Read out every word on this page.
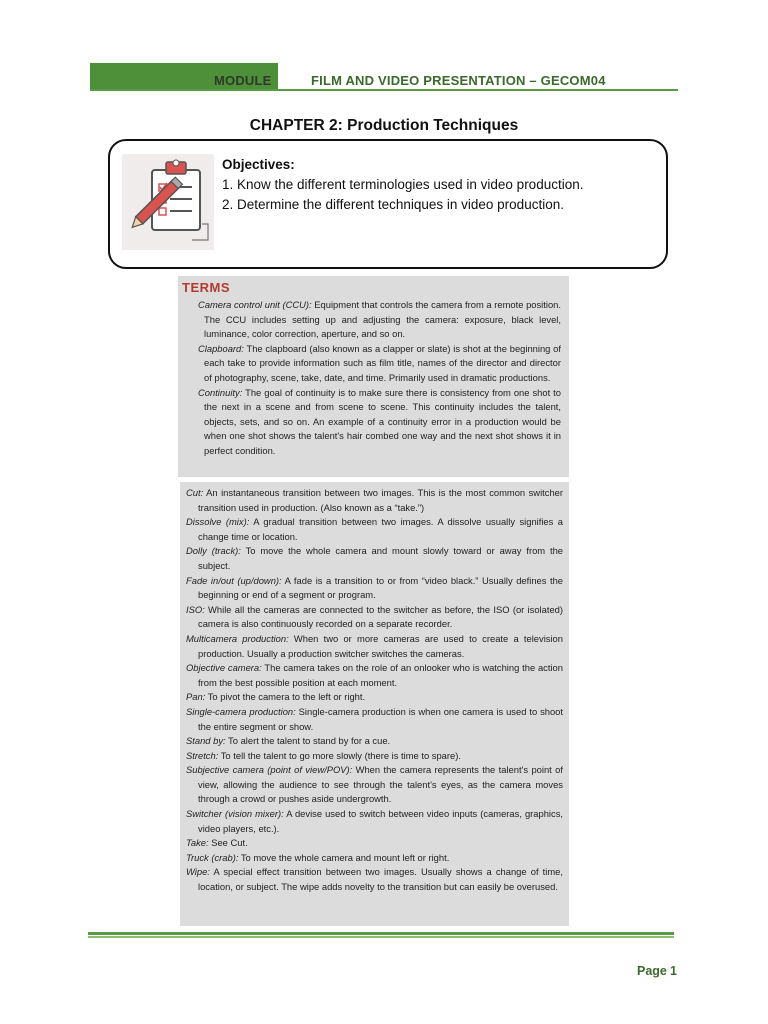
MODULE	FILM AND VIDEO PRESENTATION – GECOM04
CHAPTER 2: Production Techniques
Objectives:
1. Know the different terminologies used in video production.
2. Determine the different techniques in video production.
TERMS
Camera control unit (CCU): Equipment that controls the camera from a remote position. The CCU includes setting up and adjusting the camera: exposure, black level, luminance, color correction, aperture, and so on.
Clapboard: The clapboard (also known as a clapper or slate) is shot at the beginning of each take to provide information such as film title, names of the director and director of photography, scene, take, date, and time. Primarily used in dramatic productions.
Continuity: The goal of continuity is to make sure there is consistency from one shot to the next in a scene and from scene to scene. This continuity includes the talent, objects, sets, and so on. An example of a continuity error in a production would be when one shot shows the talent's hair combed one way and the next shot shows it in perfect condition.
Cut: An instantaneous transition between two images. This is the most common switcher transition used in production. (Also known as a “take.”)
Dissolve (mix): A gradual transition between two images. A dissolve usually signifies a change time or location.
Dolly (track): To move the whole camera and mount slowly toward or away from the subject.
Fade in/out (up/down): A fade is a transition to or from “video black.” Usually defines the beginning or end of a segment or program.
ISO: While all the cameras are connected to the switcher as before, the ISO (or isolated) camera is also continuously recorded on a separate recorder.
Multicamera production: When two or more cameras are used to create a television production. Usually a production switcher switches the cameras.
Objective camera: The camera takes on the role of an onlooker who is watching the action from the best possible position at each moment.
Pan: To pivot the camera to the left or right.
Single-camera production: Single-camera production is when one camera is used to shoot the entire segment or show.
Stand by: To alert the talent to stand by for a cue.
Stretch: To tell the talent to go more slowly (there is time to spare).
Subjective camera (point of view/POV): When the camera represents the talent's point of view, allowing the audience to see through the talent's eyes, as the camera moves through a crowd or pushes aside undergrowth.
Switcher (vision mixer): A devise used to switch between video inputs (cameras, graphics, video players, etc.).
Take: See Cut.
Truck (crab): To move the whole camera and mount left or right.
Wipe: A special effect transition between two images. Usually shows a change of time, location, or subject. The wipe adds novelty to the transition but can easily be overused.
Page 1
